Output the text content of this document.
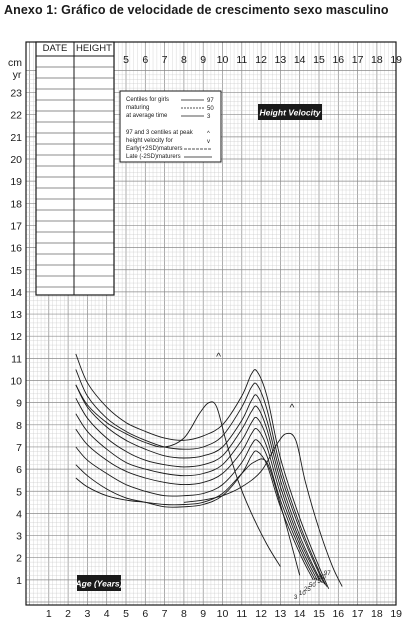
Anexo 1: Gráfico de velocidade de crescimento sexo masculino
DATE HEIGHT
Centiles for girls
maturing
at average time
97
50
3
97 and 3 centiles at peak
height velocity for
^
v
Early(+2SD)maturers
Late (-2SD)maturers
Height Velocity
Age (Years)
cm
yr
1 2 3 4 5 6 7 8 9 10 11 12 13 14 15 16 17 18 19
5 6 7 8 9 10 11 12 13 14 15 16 17 18 19
1
2
3
4
5
6
7
8
9
10
11
12
13
14
15
16
17
18
19
20
21
22
23
3
10
25
50
75
90
97
^
^
